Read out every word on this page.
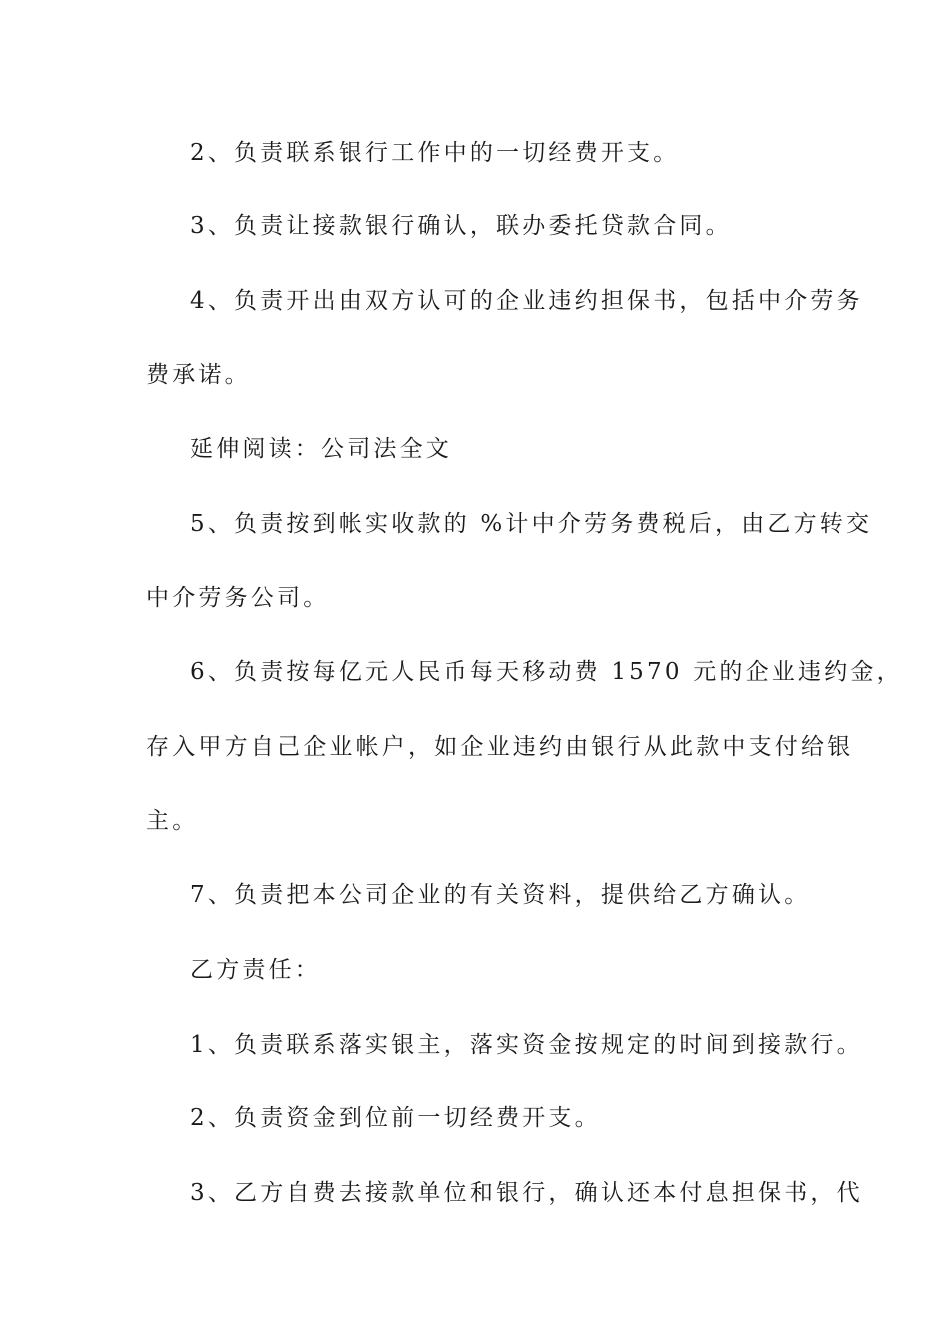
2、负责联系银行工作中的一切经费开支。
3、负责让接款银行确认，联办委托贷款合同。
4、负责开出由双方认可的企业违约担保书，包括中介劳务
费承诺。
延伸阅读：公司法全文
5、负责按到帐实收款的 %计中介劳务费税后，由乙方转交
中介劳务公司。
6、负责按每亿元人民币每天移动费 1570 元的企业违约金，
存入甲方自己企业帐户，如企业违约由银行从此款中支付给银
主。
7、负责把本公司企业的有关资料，提供给乙方确认。
乙方责任：
1、负责联系落实银主，落实资金按规定的时间到接款行。
2、负责资金到位前一切经费开支。
3、乙方自费去接款单位和银行，确认还本付息担保书，代
